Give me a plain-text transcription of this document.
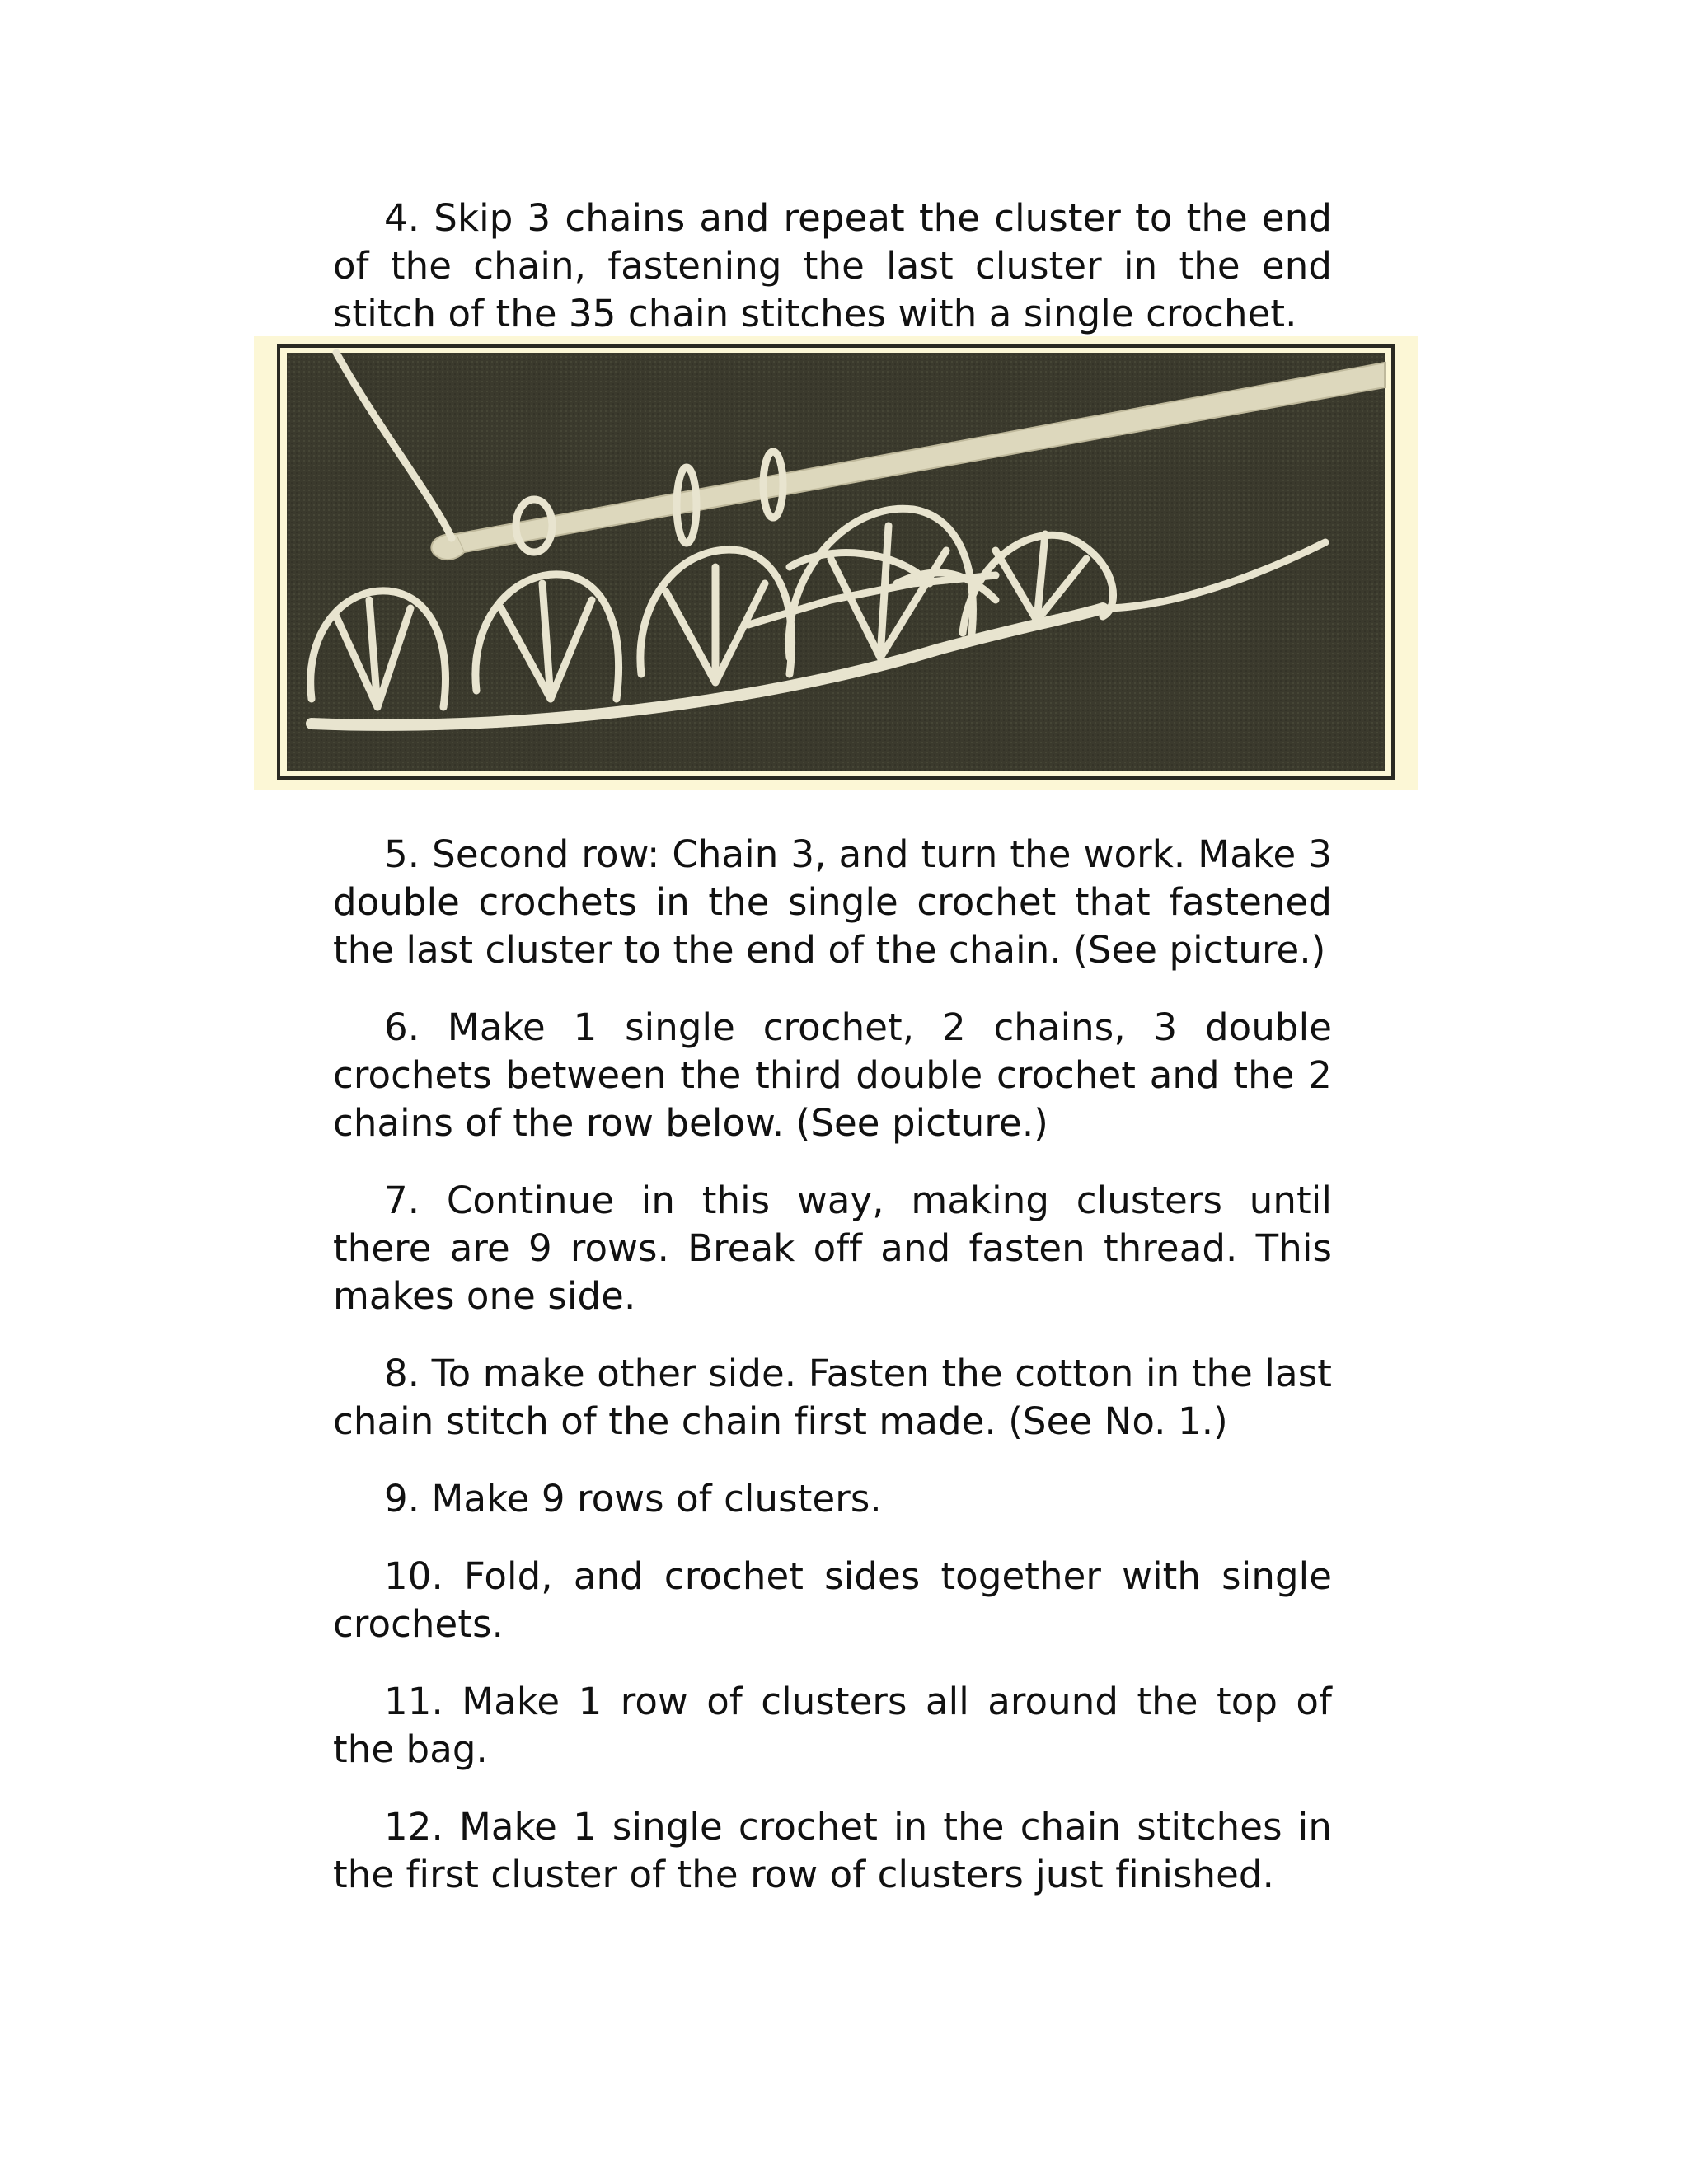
4. Skip 3 chains and repeat the cluster to the end of the chain, fastening the last cluster in the end stitch of the 35 chain stitches with a single crochet.

5. Second row: Chain 3, and turn the work. Make 3 double crochets in the single crochet that fastened the last cluster to the end of the chain. (See picture.)

6. Make 1 single crochet, 2 chains, 3 double crochets between the third double crochet and the 2 chains of the row below. (See picture.)

7. Continue in this way, making clusters until there are 9 rows. Break off and fasten thread. This makes one side.

8. To make other side. Fasten the cotton in the last chain stitch of the chain first made. (See No. 1.)

9. Make 9 rows of clusters.

10. Fold, and crochet sides together with single crochets.

11. Make 1 row of clusters all around the top of the bag.

12. Make 1 single crochet in the chain stitches in the first cluster of the row of clusters just finished.
